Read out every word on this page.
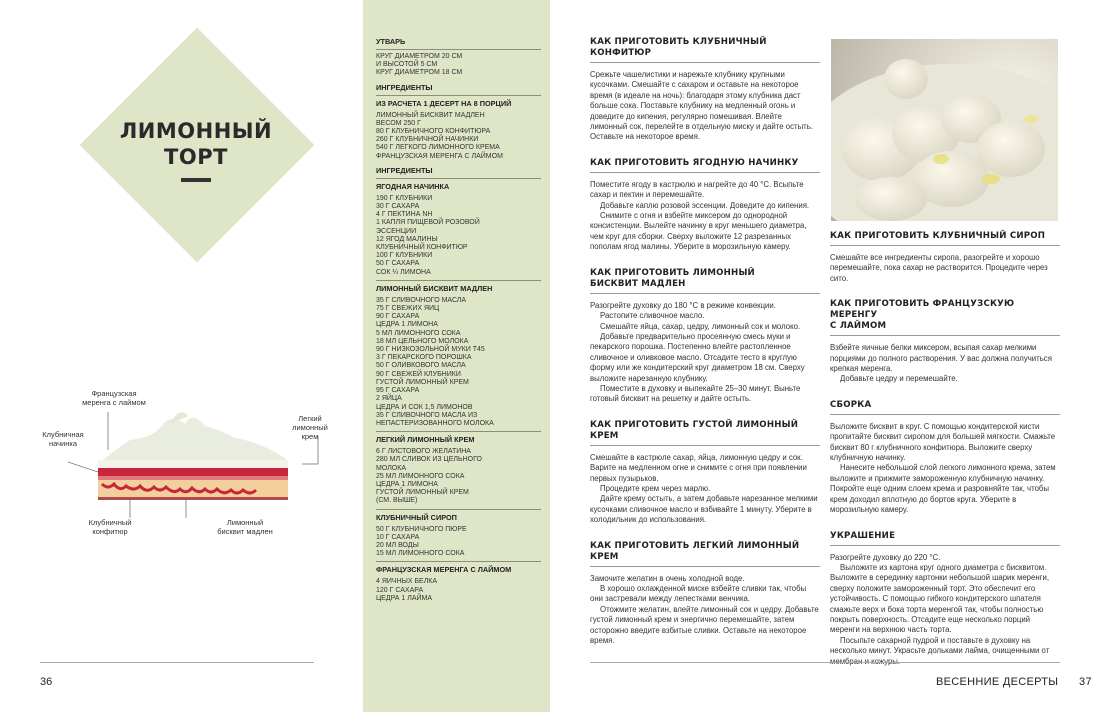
ЛИМОННЫЙ
ТОРТ
Французская
меренга с лаймом
Клубничная
начинка
Легкий
лимонный
крем
Клубничный
конфитюр
Лимонный
бисквит мадлен
36
УТВАРЬ
КРУГ ДИАМЕТРОМ 20 СМ
И ВЫСОТОЙ 5 СМ
КРУГ ДИАМЕТРОМ 18 СМ
ИНГРЕДИЕНТЫ
ИЗ РАСЧЕТА 1 ДЕСЕРТ НА 8 ПОРЦИЙ
ЛИМОННЫЙ БИСКВИТ МАДЛЕН
ВЕСОМ 250 Г
80 Г КЛУБНИЧНОГО КОНФИТЮРА
260 Г КЛУБНИЧНОЙ НАЧИНКИ
540 Г ЛЕГКОГО ЛИМОННОГО КРЕМА
ФРАНЦУЗСКАЯ МЕРЕНГА С ЛАЙМОМ
ИНГРЕДИЕНТЫ
ЯГОДНАЯ НАЧИНКА
190 Г КЛУБНИКИ
30 Г САХАРА
4 Г ПЕКТИНА NH
1 КАПЛЯ ПИЩЕВОЙ РОЗОВОЙ
ЭССЕНЦИИ
12 ЯГОД МАЛИНЫ
КЛУБНИЧНЫЙ КОНФИТЮР
100 Г КЛУБНИКИ
50 Г САХАРА
СОК ¼ ЛИМОНА
ЛИМОННЫЙ БИСКВИТ МАДЛЕН
35 Г СЛИВОЧНОГО МАСЛА
75 Г СВЕЖИХ ЯИЦ
90 Г САХАРА
ЦЕДРА 1 ЛИМОНА
5 МЛ ЛИМОННОГО СОКА
18 МЛ ЦЕЛЬНОГО МОЛОКА
90 Г НИЗКОЗОЛЬНОЙ МУКИ Т45
3 Г ПЕКАРСКОГО ПОРОШКА
50 Г ОЛИВКОВОГО МАСЛА
90 Г СВЕЖЕЙ КЛУБНИКИ
ГУСТОЙ ЛИМОННЫЙ КРЕМ
95 Г САХАРА
2 ЯЙЦА
ЦЕДРА И СОК 1,5 ЛИМОНОВ
35 Г СЛИВОЧНОГО МАСЛА ИЗ
НЕПАСТЕРИЗОВАННОГО МОЛОКА
ЛЕГКИЙ ЛИМОННЫЙ КРЕМ
6 Г ЛИСТОВОГО ЖЕЛАТИНА
280 МЛ СЛИВОК ИЗ ЦЕЛЬНОГО
МОЛОКА
25 МЛ ЛИМОННОГО СОКА
ЦЕДРА 1 ЛИМОНА
ГУСТОЙ ЛИМОННЫЙ КРЕМ
(СМ. ВЫШЕ)
КЛУБНИЧНЫЙ СИРОП
50 Г КЛУБНИЧНОГО ПЮРЕ
10 Г САХАРА
20 МЛ ВОДЫ
15 МЛ ЛИМОННОГО СОКА
ФРАНЦУЗСКАЯ МЕРЕНГА С ЛАЙМОМ
4 ЯИЧНЫХ БЕЛКА
120 Г САХАРА
ЦЕДРА 1 ЛАЙМА
КАК ПРИГОТОВИТЬ КЛУБНИЧНЫЙ КОНФИТЮР

Срежьте чашелистики и нарежьте клубнику крупными кусочками. Смешайте с сахаром и оставьте на некоторое время (в идеале на ночь): благодаря этому клубника даст больше сока. Поставьте клубнику на медленный огонь и доведите до кипения, регулярно помешивая. Влейте лимонный сок, перелейте в отдельную миску и дайте остыть. Оставьте на некоторое время.

КАК ПРИГОТОВИТЬ ЯГОДНУЮ НАЧИНКУ

Поместите ягоду в кастрюлю и нагрейте до 40 °С. Всыпьте сахар и пектин и перемешайте.

Добавьте каплю розовой эссенции. Доведите до кипения.

Снимите с огня и взбейте миксером до однородной консистенции. Вылейте начинку в круг меньшего диаметра, чем круг для сборки. Сверху выложите 12 разрезанных пополам ягод малины. Уберите в морозильную камеру.

КАК ПРИГОТОВИТЬ ЛИМОННЫЙ
БИСКВИТ МАДЛЕН

Разогрейте духовку до 180 °С в режиме конвекции.

Растопите сливочное масло.

Смешайте яйца, сахар, цедру, лимонный сок и молоко.

Добавьте предварительно просеянную смесь муки и пекарского порошка. Постепенно влейте растопленное сливочное и оливковое масло. Отсадите тесто в круглую форму или же кондитерский круг диаметром 18 см. Сверху выложите нарезанную клубнику.

Поместите в духовку и выпекайте 25–30 минут. Выньте готовый бисквит на решетку и дайте остыть.

КАК ПРИГОТОВИТЬ ГУСТОЙ ЛИМОННЫЙ КРЕМ

Смешайте в кастрюле сахар, яйца, лимонную цедру и сок. Варите на медленном огне и снимите с огня при появлении первых пузырьков.

Процедите крем через марлю.

Дайте крему остыть, а затем добавьте нарезанное мелкими кусочками сливочное масло и взбивайте 1 минуту. Уберите в холодильник до использования.

КАК ПРИГОТОВИТЬ ЛЕГКИЙ ЛИМОННЫЙ КРЕМ

Замочите желатин в очень холодной воде.

В хорошо охлажденной миске взбейте сливки так, чтобы они застревали между лепестками венчика.

Отожмите желатин, влейте лимонный сок и цедру. Добавьте густой лимонный крем и энергично перемешайте, затем осторожно введите взбитые сливки. Оставьте на некоторое время.

КАК ПРИГОТОВИТЬ КЛУБНИЧНЫЙ СИРОП

Смешайте все ингредиенты сиропа, разогрейте и хорошо перемешайте, пока сахар не растворится. Процедите через сито.

КАК ПРИГОТОВИТЬ ФРАНЦУЗСКУЮ МЕРЕНГУ
С ЛАЙМОМ

Взбейте яичные белки миксером, всыпая сахар мелкими порциями до полного растворения. У вас должна получиться крепкая меренга.

Добавьте цедру и перемешайте.

СБОРКА

Выложите бисквит в круг. С помощью кондитерской кисти пропитайте бисквит сиропом для большей мягкости. Смажьте бисквит 80 г клубничного конфитюра. Выложите сверху клубничную начинку.

Нанесите небольшой слой легкого лимонного крема, затем выложите и прижмите замороженную клубничную начинку. Покройте еще одним слоем крема и разровняйте так, чтобы крем доходил вплотную до бортов круга. Уберите в морозильную камеру.

УКРАШЕНИЕ

Разогрейте духовку до 220 °С.

Выложите из картона круг одного диаметра с бисквитом. Выложите в серединку картонки небольшой шарик меренги, сверху положите замороженный торт. Это обеспечит его устойчивость. С помощью гибкого кондитерского шпателя смажьте верх и бока торта меренгой так, чтобы полностью покрыть поверхность. Отсадите еще несколько порций меренги на верхнюю часть торта.

Посыпьте сахарной пудрой и поставьте в духовку на несколько минут. Украсьте дольками лайма, очищенными от

ВЕСЕННИЕ ДЕСЕРТЫ 37
